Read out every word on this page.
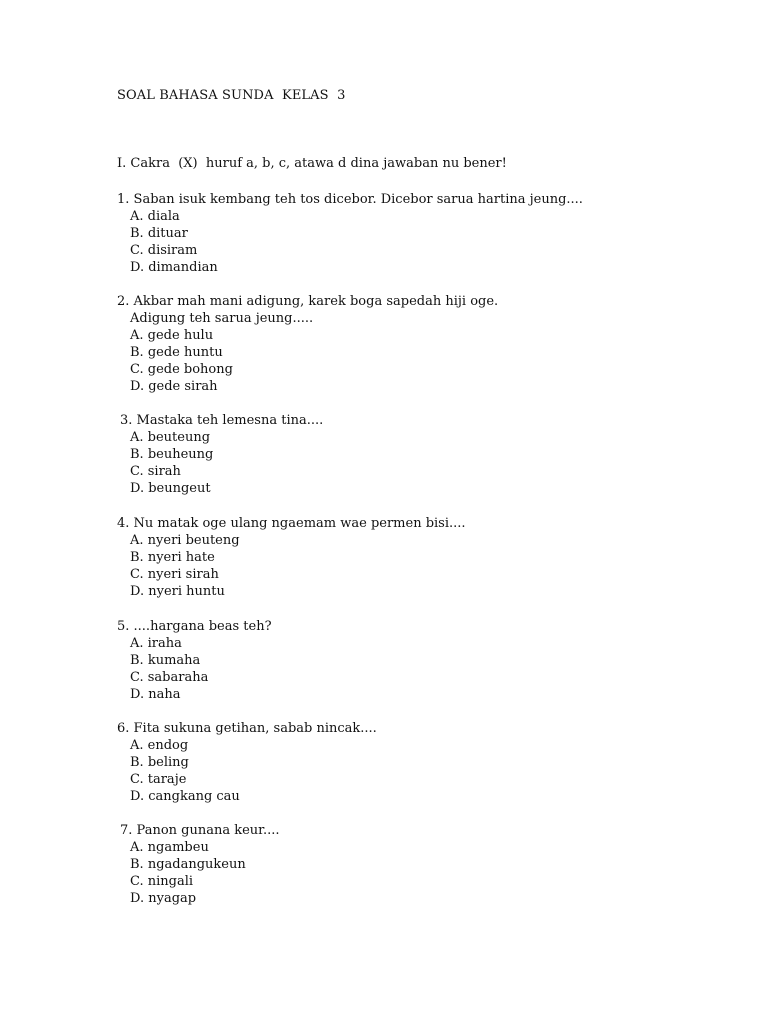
SOAL BAHASA SUNDA  KELAS  3
I. Cakra  (X)  huruf a, b, c, atawa d dina jawaban nu bener!
1. Saban isuk kembang teh tos dicebor. Dicebor sarua hartina jeung....
A. diala
B. dituar
C. disiram
D. dimandian
2. Akbar mah mani adigung, karek boga sapedah hiji oge.
Adigung teh sarua jeung.....
A. gede hulu
B. gede huntu
C. gede bohong
D. gede sirah
3. Mastaka teh lemesna tina....
A. beuteung
B. beuheung
C. sirah
D. beungeut
4. Nu matak oge ulang ngaemam wae permen bisi....
A. nyeri beuteng
B. nyeri hate
C. nyeri sirah
D. nyeri huntu
5. ....hargana beas teh?
A. iraha
B. kumaha
C. sabaraha
D. naha
6. Fita sukuna getihan, sabab nincak....
A. endog
B. beling
C. taraje
D. cangkang cau
7. Panon gunana keur....
A. ngambeu
B. ngadangukeun
C. ningali
D. nyagap
